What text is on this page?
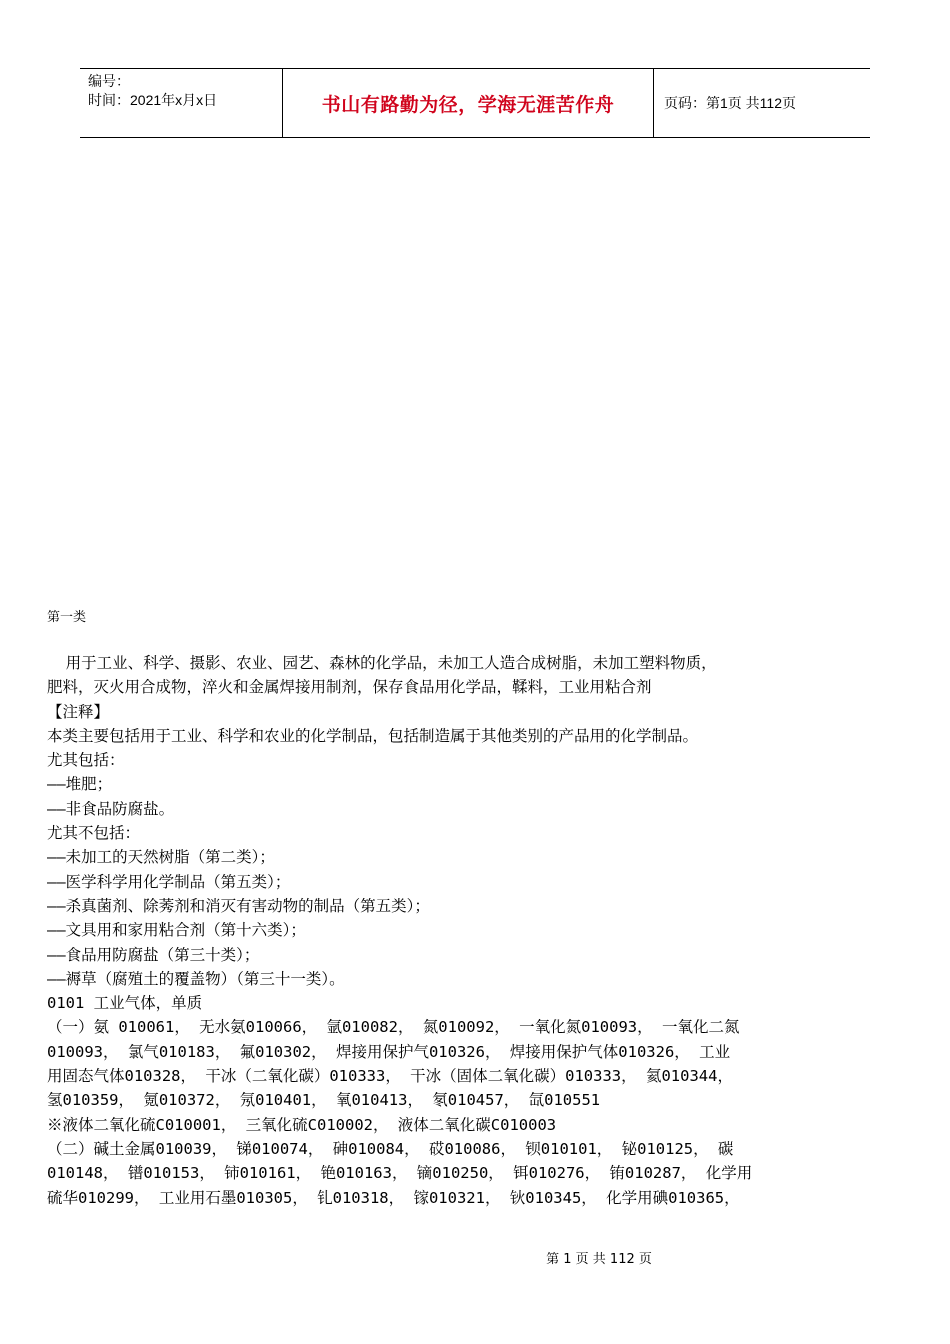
编号：
时间：2021年x月x日	书山有路勤为径，学海无涯苦作舟	页码：第1页 共112页
第一类
用于工业、科学、摄影、农业、园艺、森林的化学品，未加工人造合成树脂，未加工塑料物质，
肥料，灭火用合成物，淬火和金属焊接用制剂，保存食品用化学品，鞣料，工业用粘合剂
【注释】
本类主要包括用于工业、科学和农业的化学制品，包括制造属于其他类别的产品用的化学制品。
尤其包括：
——堆肥；
——非食品防腐盐。
尤其不包括：
——未加工的天然树脂（第二类）；
——医学科学用化学制品（第五类）；
——杀真菌剂、除莠剂和消灭有害动物的制品（第五类）；
——文具用和家用粘合剂（第十六类）；
——食品用防腐盐（第三十类）；
——褥草（腐殖土的覆盖物）（第三十一类）。
0101 工业气体，单质
（一）氨 010061， 无水氨010066， 氩010082， 氮010092， 一氧化氮010093， 一氧化二氮
010093， 氯气010183， 氟010302， 焊接用保护气010326， 焊接用保护气体010326， 工业
用固态气体010328， 干冰（二氧化碳）010333， 干冰（固体二氧化碳）010333， 氦010344，
氢010359， 氪010372， 氖010401， 氧010413， 氡010457， 氙010551
※液体二氧化硫C010001， 三氧化硫C010002， 液体二氧化碳C010003
（二）碱土金属010039， 锑010074， 砷010084， 砹010086， 钡010101， 铋010125， 碳
010148， 镨010153， 铈010161， 铯010163， 镝010250， 铒010276， 铕010287， 化学用
硫华010299， 工业用石墨010305， 钆010318， 镓010321， 钬010345， 化学用碘010365，
第 1 页 共 112 页
